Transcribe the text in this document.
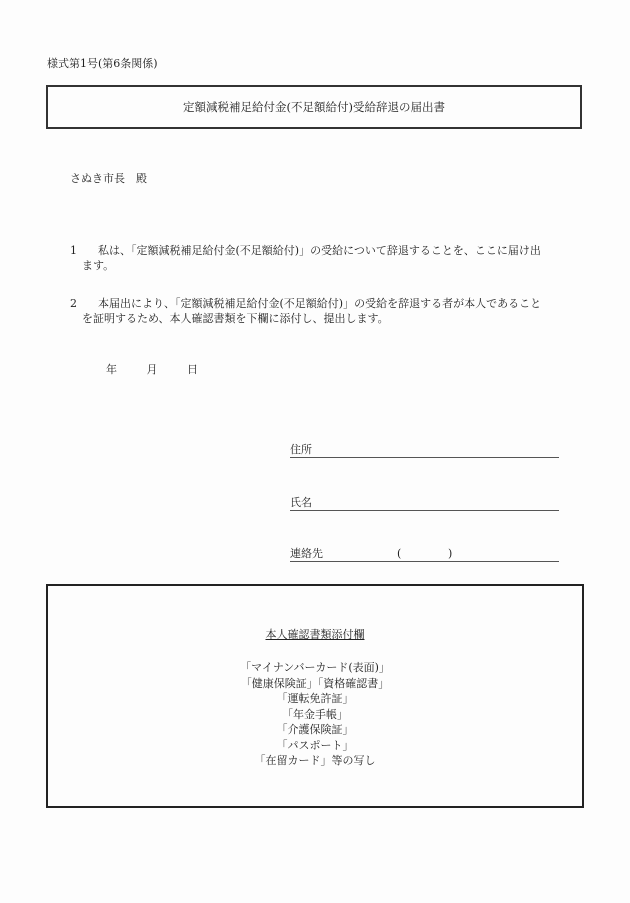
様式第1号(第6条関係)
定額減税補足給付金(不足額給付)受給辞退の届出書
さぬき市長　殿
1 私は、「定額減税補足給付金(不足額給付)」の受給について辞退することを、ここに届け出
ます。
2 本届出により、「定額減税補足給付金(不足額給付)」の受給を辞退する者が本人であること
を証明するため、本人確認書類を下欄に添付し、提出します。
年	月	日
住所
氏名
連絡先	(	)
本人確認書類添付欄
「マイナンバーカード(表面)」
「健康保険証」「資格確認書」
「運転免許証」
「年金手帳」
「介護保険証」
「パスポート」
「在留カード」等の写し
